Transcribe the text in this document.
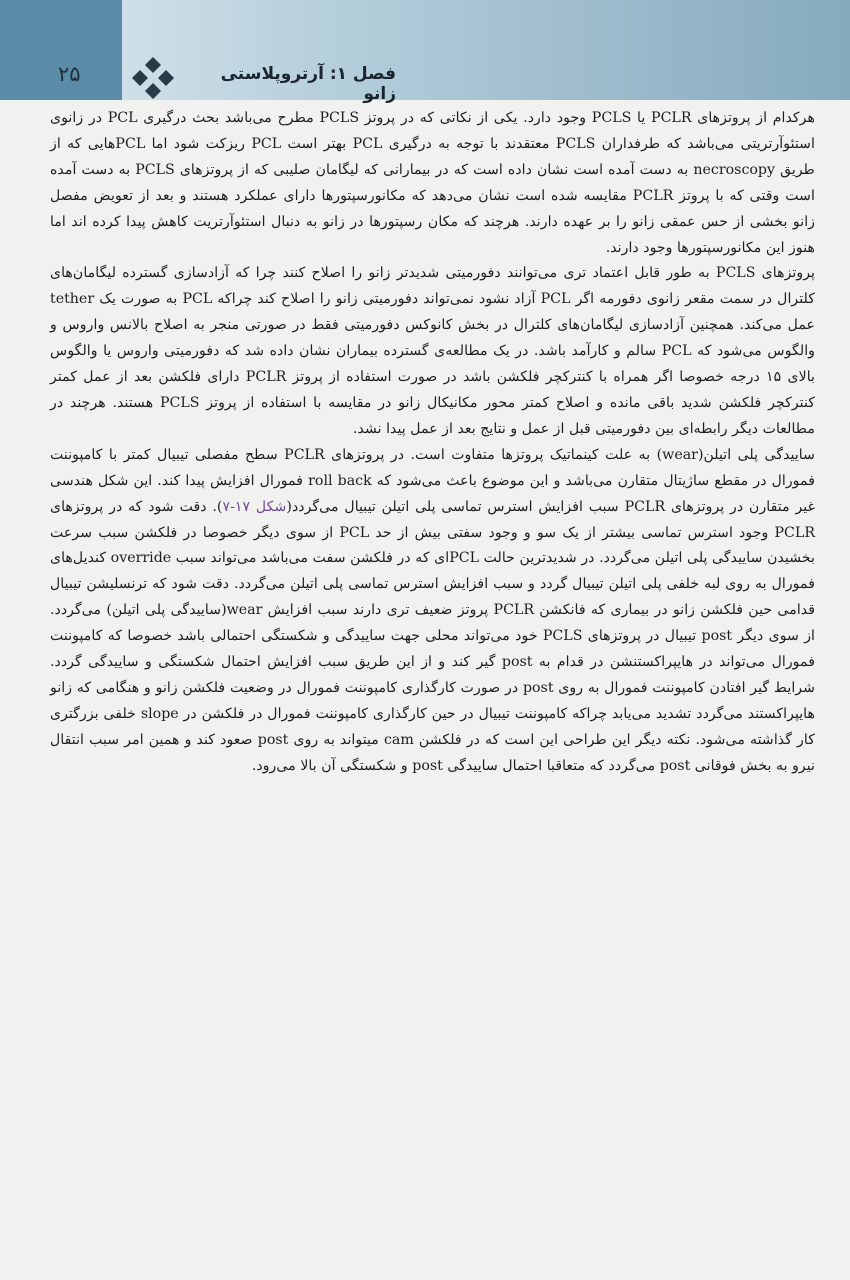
۲۵	فصل ۱: آرتروپلاستی زانو

هرکدام از پروتزهای PCLR یا PCLS وجود دارد. یکی از نکاتی که در پروتز PCLS مطرح می‌باشد بحث درگیری PCL در زانوی استئوآرتریتی می‌باشد که طرفداران PCLS معتقدند با توجه به درگیری PCL بهتر است PCL ریزکت شود اما PCLهایی که از طریق necroscopy به دست آمده است نشان داده است که در بیمارانی که لیگامان صلیبی که از پروتزهای PCLS به دست آمده است وقتی که با پروتز PCLR مقایسه شده است نشان می‌دهد که مکانورسپتورها دارای عملکرد هستند و بعد از تعویض مفصل زانو بخشی از حس عمقی زانو را بر عهده دارند. هرچند که مکان رسپتورها در زانو به دنبال استئوآرتریت کاهش پیدا کرده اند اما هنوز این مکانورسپتورها وجود دارند.

پروتزهای PCLS به طور قابل اعتماد تری می‌توانند دفورمیتی شدیدتر زانو را اصلاح کنند چرا که آزادسازی گسترده لیگامان‌های کلترال در سمت مقعر زانوی دفورمه اگر PCL آزاد نشود نمی‌تواند دفورمیتی زانو را اصلاح کند چراکه PCL به صورت یک tether عمل می‌کند. همچنین آزادسازی لیگامان‌های کلترال در بخش کانوکس دفورمیتی فقط در صورتی منجر به اصلاح بالانس واروس و والگوس می‌شود که PCL سالم و کارآمد باشد. در یک مطالعه‌ی گسترده بیماران نشان داده شد که دفورمیتی واروس یا والگوس بالای ۱۵ درجه خصوصا اگر همراه با کنترکچر فلکشن باشد در صورت استفاده از پروتز PCLR دارای فلکشن بعد از عمل کمتر کنترکچر فلکشن شدید باقی مانده و اصلاح کمتر محور مکانیکال زانو در مقایسه با استفاده از پروتز PCLS هستند. هرچند در مطالعات دیگر رابطه‌ای بین دفورمیتی قبل از عمل و نتایج بعد از عمل پیدا نشد.

ساییدگی پلی اتیلن(wear) به علت کینماتیک پروتزها متفاوت است. در پروتزهای PCLR سطح مفصلی تیبیال کمتر با کامپوننت فمورال در مقطع ساژیتال متقارن می‌باشد و این موضوع باعث می‌شود که roll back فمورال افزایش پیدا کند. این شکل هندسی غیر متقارن در پروتزهای PCLR سبب افزایش استرس تماسی پلی اتیلن تیبیال می‌گردد(شکل ۱۷-۷). دقت شود که در پروتزهای PCLR وجود استرس تماسی بیشتر از یک سو و وجود سفتی بیش از حد PCL از سوی دیگر خصوصا در فلکشن سبب سرعت بخشیدن ساییدگی پلی اتیلن می‌گردد. در شدیدترین حالت PCLای که در فلکشن سفت می‌باشد می‌تواند سبب override کندیل‌های فمورال به روی لبه خلفی پلی اتیلن تیبیال گردد و سبب افزایش استرس تماسی پلی اتیلن می‌گردد. دقت شود که ترنسلیشن تیبیال قدامی حین فلکشن زانو در بیماری که فانکشن PCLR پروتز ضعیف تری دارند سبب افزایش wear(ساییدگی پلی اتیلن) می‌گردد. از سوی دیگر post تیبیال در پروتزهای PCLS خود می‌تواند محلی جهت ساییدگی و شکستگی احتمالی باشد خصوصا که کامپوننت فمورال می‌تواند در هایپراکستنشن در قدام به post گیر کند و از این طریق سبب افزایش احتمال شکستگی و ساییدگی گردد. شرایط گیر افتادن کامپوننت فمورال به روی post در صورت کارگذاری کامپوننت فمورال در وضعیت فلکشن زانو و هنگامی که زانو هایپراکستند می‌گردد تشدید می‌یابد چراکه کامپوننت تیبیال در حین کارگذاری کامپوننت فمورال در فلکشن در slope خلفی بزرگتری کار گذاشته می‌شود. نکته دیگر این طراحی این است که در فلکشن cam میتواند به روی post صعود کند و همین امر سبب انتقال نیرو به بخش فوقانی post می‌گردد که متعاقبا احتمال ساییدگی post و شکستگی آن بالا می‌رود.
